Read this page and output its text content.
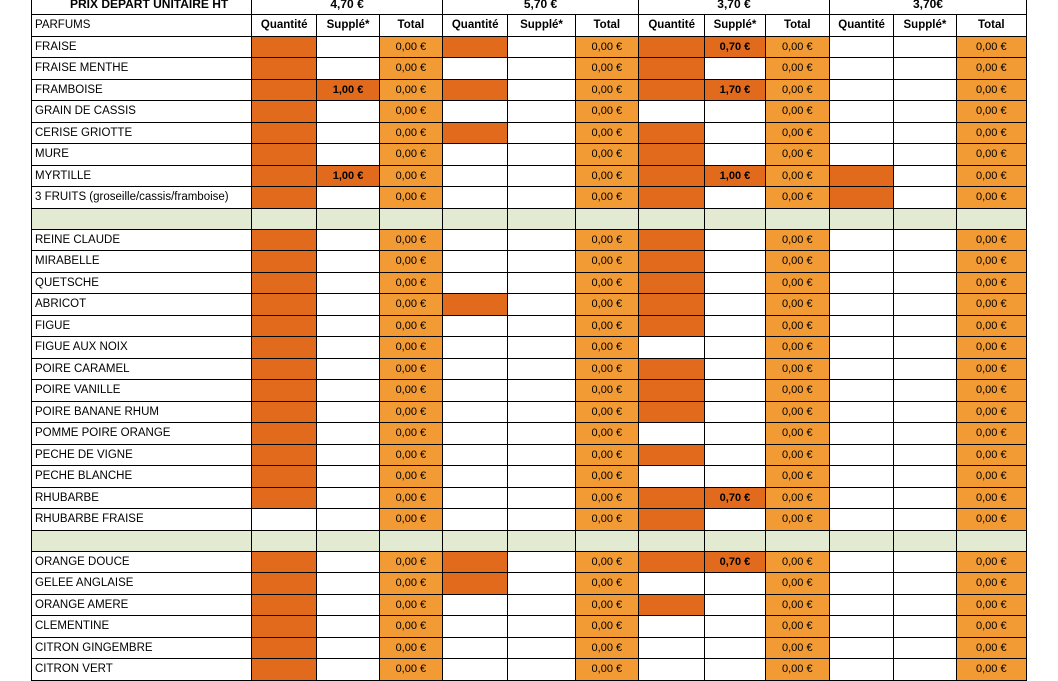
PRIX DEPART UNITAIRE HT	4,70 €			5,70 €			3,70 €			3,70€		
PARFUMS	Quantité	Supplé*	Total	Quantité	Supplé*	Total	Quantité	Supplé*	Total	Quantité	Supplé*	Total
FRAISE			0,00 €			0,00 €		0,70 €	0,00 €			0,00 €
FRAISE MENTHE			0,00 €			0,00 €			0,00 €			0,00 €
FRAMBOISE		1,00 €	0,00 €			0,00 €		1,70 €	0,00 €			0,00 €
GRAIN DE CASSIS			0,00 €			0,00 €			0,00 €			0,00 €
CERISE GRIOTTE			0,00 €			0,00 €			0,00 €			0,00 €
MURE			0,00 €			0,00 €			0,00 €			0,00 €
MYRTILLE		1,00 €	0,00 €			0,00 €		1,00 €	0,00 €			0,00 €
3 FRUITS (groseille/cassis/framboise)			0,00 €			0,00 €			0,00 €			0,00 €

REINE CLAUDE			0,00 €			0,00 €			0,00 €			0,00 €
MIRABELLE			0,00 €			0,00 €			0,00 €			0,00 €
QUETSCHE			0,00 €			0,00 €			0,00 €			0,00 €
ABRICOT			0,00 €			0,00 €			0,00 €			0,00 €
FIGUE			0,00 €			0,00 €			0,00 €			0,00 €
FIGUE AUX NOIX			0,00 €			0,00 €			0,00 €			0,00 €
POIRE CARAMEL			0,00 €			0,00 €			0,00 €			0,00 €
POIRE VANILLE			0,00 €			0,00 €			0,00 €			0,00 €
POIRE BANANE RHUM			0,00 €			0,00 €			0,00 €			0,00 €
POMME POIRE ORANGE			0,00 €			0,00 €			0,00 €			0,00 €
PECHE DE VIGNE			0,00 €			0,00 €			0,00 €			0,00 €
PECHE BLANCHE			0,00 €			0,00 €			0,00 €			0,00 €
RHUBARBE			0,00 €			0,00 €		0,70 €	0,00 €			0,00 €
RHUBARBE FRAISE			0,00 €			0,00 €			0,00 €			0,00 €

ORANGE DOUCE			0,00 €			0,00 €		0,70 €	0,00 €			0,00 €
GELEE ANGLAISE			0,00 €			0,00 €			0,00 €			0,00 €
ORANGE AMERE			0,00 €			0,00 €			0,00 €			0,00 €
CLEMENTINE			0,00 €			0,00 €			0,00 €			0,00 €
CITRON GINGEMBRE			0,00 €			0,00 €			0,00 €			0,00 €
CITRON VERT			0,00 €			0,00 €			0,00 €			0,00 €
